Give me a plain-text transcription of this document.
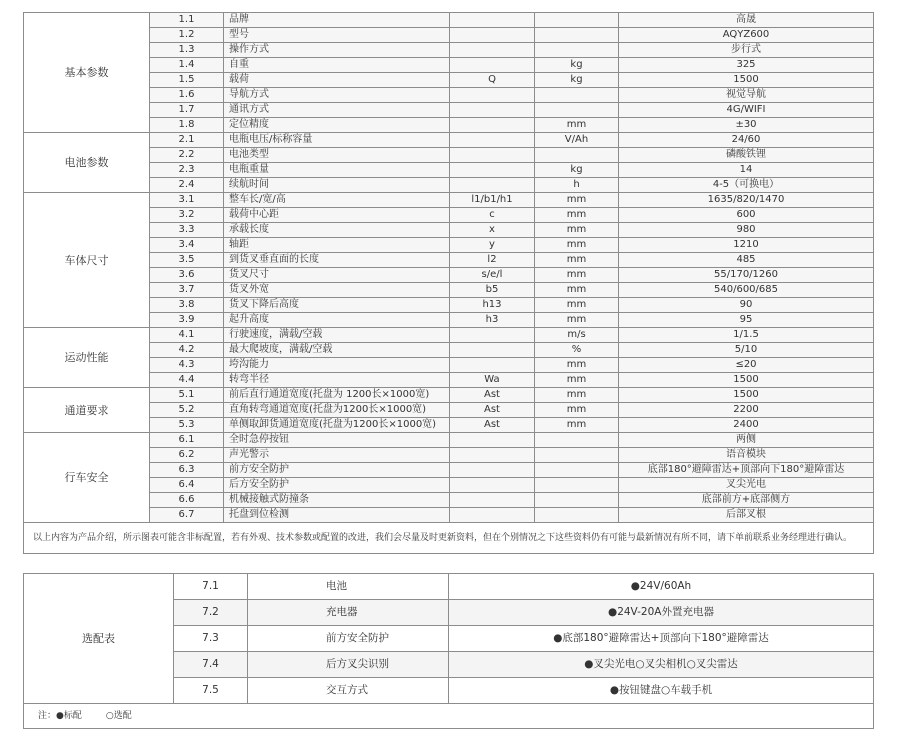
基本参数	1.1	品牌			高晟
	1.2	型号			AQYZ600
	1.3	操作方式			步行式
	1.4	自重		kg	325
	1.5	载荷	Q	kg	1500
	1.6	导航方式			视觉导航
	1.7	通讯方式			4G/WIFI
	1.8	定位精度		mm	±30
电池参数	2.1	电瓶电压/标称容量		V/Ah	24/60
	2.2	电池类型			磷酸铁锂
	2.3	电瓶重量		kg	14
	2.4	续航时间		h	4-5（可换电）
车体尺寸	3.1	整车长/宽/高	l1/b1/h1	mm	1635/820/1470
	3.2	载荷中心距	c	mm	600
	3.3	承载长度	x	mm	980
	3.4	轴距	y	mm	1210
	3.5	到货叉垂直面的长度	l2	mm	485
	3.6	货叉尺寸	s/e/l	mm	55/170/1260
	3.7	货叉外宽	b5	mm	540/600/685
	3.8	货叉下降后高度	h13	mm	90
	3.9	起升高度	h3	mm	95
运动性能	4.1	行驶速度，满载/空载		m/s	1/1.5
	4.2	最大爬坡度，满载/空载		%	5/10
	4.3	垮沟能力		mm	≤20
	4.4	转弯半径	Wa	mm	1500
通道要求	5.1	前后直行通道宽度(托盘为 1200长×1000宽)	Ast	mm	1500
	5.2	直角转弯通道宽度(托盘为1200长×1000宽)	Ast	mm	2200
	5.3	单侧取卸货通道宽度(托盘为1200长×1000宽)	Ast	mm	2400
行车安全	6.1	全时急停按钮			两侧
	6.2	声光警示			语音模块
	6.3	前方安全防护			底部180°避障雷达+顶部向下180°避障雷达
	6.4	后方安全防护			叉尖光电
	6.6	机械接触式防撞条			底部前方+底部侧方
	6.7	托盘到位检测			后部叉根
以上内容为产品介绍，所示图表可能含非标配置，若有外观、技术参数或配置的改进，我们会尽量及时更新资料，但在个别情况之下这些资料仍有可能与最新情况有所不同，请下单前联系业务经理进行确认。					
选配表	7.1	电池	●24V/60Ah
	7.2	充电器	●24V-20A外置充电器
	7.3	前方安全防护	●底部180°避障雷达+顶部向下180°避障雷达
	7.4	后方叉尖识别	●叉尖光电○叉尖相机○叉尖雷达
	7.5	交互方式	●按钮键盘○车载手机
注：●标配 ○选配			
